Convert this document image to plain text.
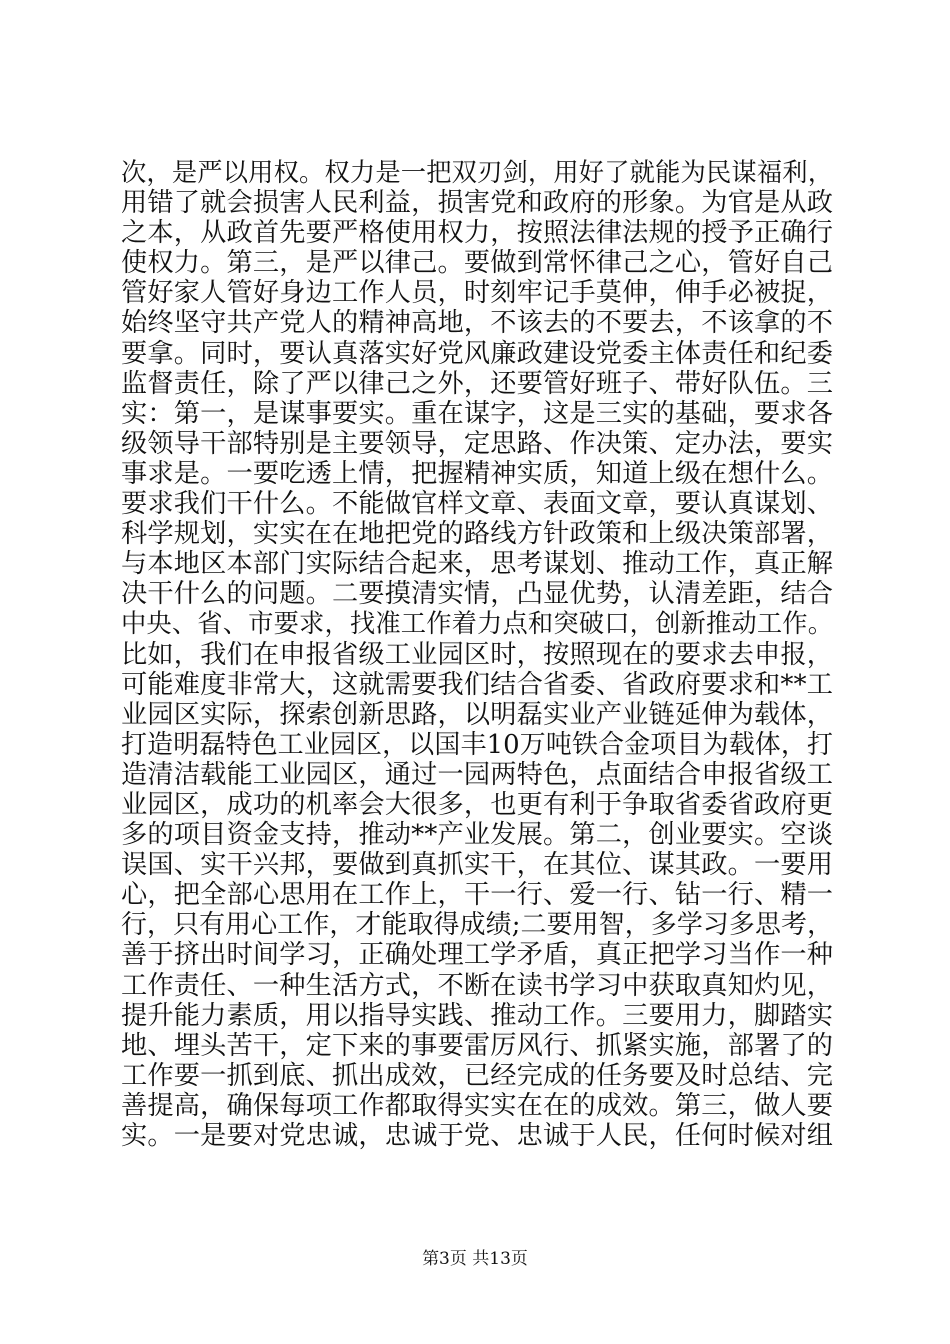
次，是严以用权。权力是一把双刃剑，用好了就能为民谋福利，
用错了就会损害人民利益，损害党和政府的形象。为官是从政
之本，从政首先要严格使用权力，按照法律法规的授予正确行
使权力。第三，是严以律己。要做到常怀律己之心，管好自己
管好家人管好身边工作人员，时刻牢记手莫伸，伸手必被捉，
始终坚守共产党人的精神高地，不该去的不要去，不该拿的不
要拿。同时，要认真落实好党风廉政建设党委主体责任和纪委
监督责任，除了严以律己之外，还要管好班子、带好队伍。三
实：第一，是谋事要实。重在谋字，这是三实的基础，要求各
级领导干部特别是主要领导，定思路、作决策、定办法，要实
事求是。一要吃透上情，把握精神实质，知道上级在想什么。
要求我们干什么。不能做官样文章、表面文章，要认真谋划、
科学规划，实实在在地把党的路线方针政策和上级决策部署，
与本地区本部门实际结合起来，思考谋划、推动工作，真正解
决干什么的问题。二要摸清实情，凸显优势，认清差距，结合
中央、省、市要求，找准工作着力点和突破口，创新推动工作。
比如，我们在申报省级工业园区时，按照现在的要求去申报，
可能难度非常大，这就需要我们结合省委、省政府要求和**工
业园区实际，探索创新思路，以明磊实业产业链延伸为载体，
打造明磊特色工业园区，以国丰10万吨铁合金项目为载体，打
造清洁载能工业园区，通过一园两特色，点面结合申报省级工
业园区，成功的机率会大很多，也更有利于争取省委省政府更
多的项目资金支持，推动**产业发展。第二，创业要实。空谈
误国、实干兴邦，要做到真抓实干，在其位、谋其政。一要用
心，把全部心思用在工作上，干一行、爱一行、钻一行、精一
行，只有用心工作，才能取得成绩;二要用智，多学习多思考，
善于挤出时间学习，正确处理工学矛盾，真正把学习当作一种
工作责任、一种生活方式，不断在读书学习中获取真知灼见，
提升能力素质，用以指导实践、推动工作。三要用力，脚踏实
地、埋头苦干，定下来的事要雷厉风行、抓紧实施，部署了的
工作要一抓到底、抓出成效，已经完成的任务要及时总结、完
善提高，确保每项工作都取得实实在在的成效。第三，做人要
实。一是要对党忠诚，忠诚于党、忠诚于人民，任何时候对组
第3页 共13页
